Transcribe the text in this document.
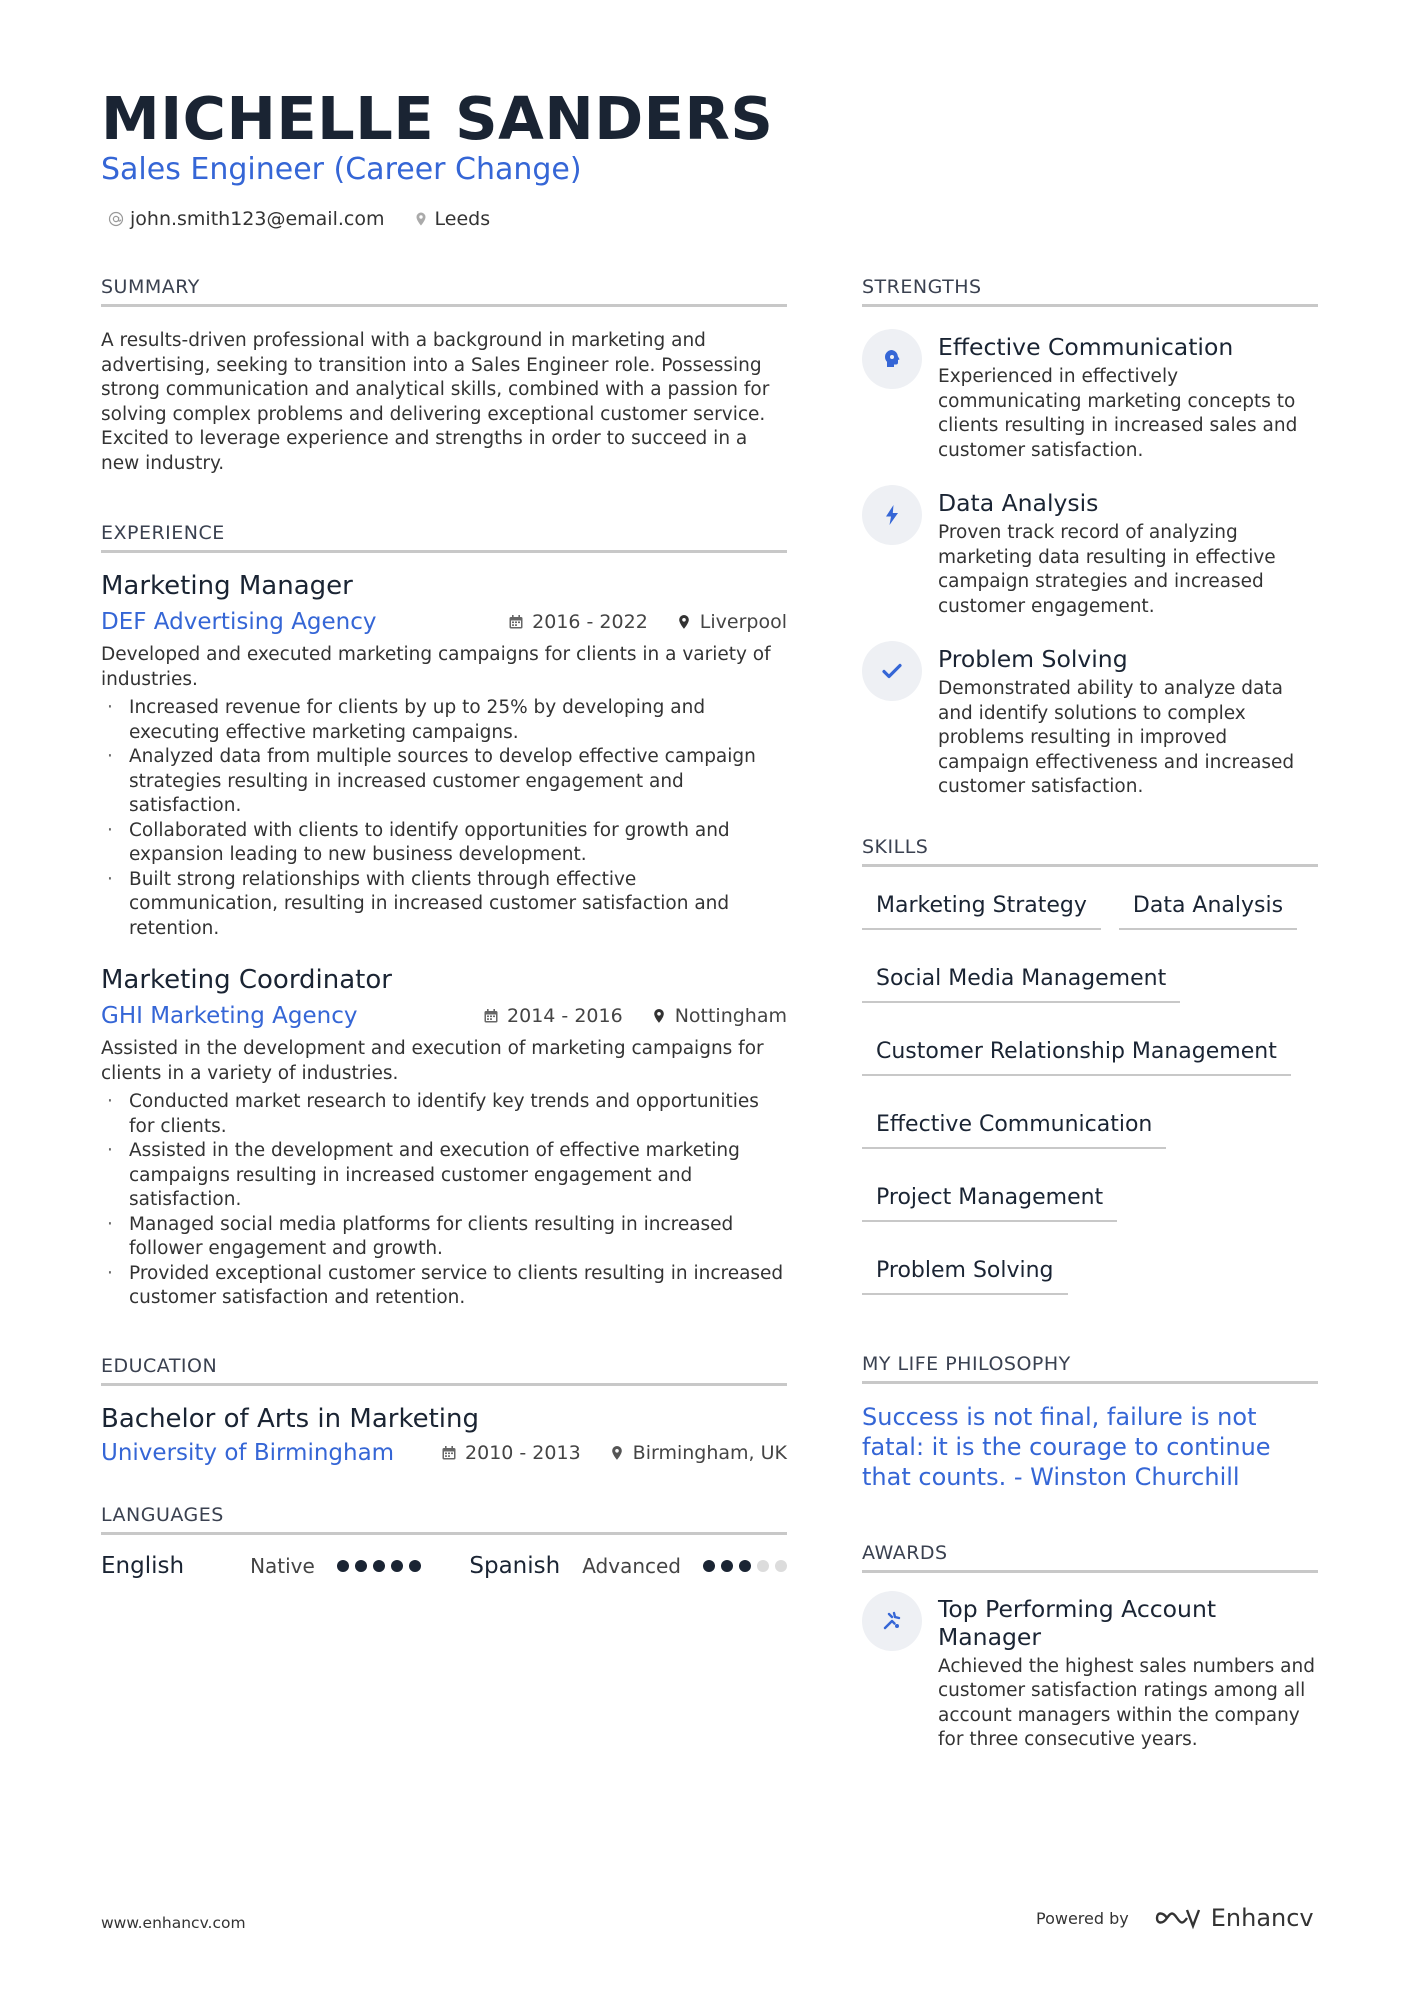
MICHELLE SANDERS
Sales Engineer (Career Change)
john.smith123@email.com	Leeds
SUMMARY
A results-driven professional with a background in marketing and advertising, seeking to transition into a Sales Engineer role. Possessing strong communication and analytical skills, combined with a passion for solving complex problems and delivering exceptional customer service. Excited to leverage experience and strengths in order to succeed in a new industry.
EXPERIENCE
Marketing Manager
DEF Advertising Agency	2016 - 2022	Liverpool
Developed and executed marketing campaigns for clients in a variety of industries.
· Increased revenue for clients by up to 25% by developing and executing effective marketing campaigns.
· Analyzed data from multiple sources to develop effective campaign strategies resulting in increased customer engagement and satisfaction.
· Collaborated with clients to identify opportunities for growth and expansion leading to new business development.
· Built strong relationships with clients through effective communication, resulting in increased customer satisfaction and retention.
Marketing Coordinator
GHI Marketing Agency	2014 - 2016	Nottingham
Assisted in the development and execution of marketing campaigns for clients in a variety of industries.
· Conducted market research to identify key trends and opportunities for clients.
· Assisted in the development and execution of effective marketing campaigns resulting in increased customer engagement and satisfaction.
· Managed social media platforms for clients resulting in increased follower engagement and growth.
· Provided exceptional customer service to clients resulting in increased customer satisfaction and retention.
EDUCATION
Bachelor of Arts in Marketing
University of Birmingham	2010 - 2013	Birmingham, UK
LANGUAGES
English	Native	Spanish Advanced
STRENGTHS
Effective Communication
Experienced in effectively communicating marketing concepts to clients resulting in increased sales and customer satisfaction.
Data Analysis
Proven track record of analyzing marketing data resulting in effective campaign strategies and increased customer engagement.
Problem Solving
Demonstrated ability to analyze data and identify solutions to complex problems resulting in improved campaign effectiveness and increased customer satisfaction.
SKILLS
Marketing Strategy	Data Analysis
Social Media Management
Customer Relationship Management
Effective Communication
Project Management
Problem Solving
MY LIFE PHILOSOPHY
Success is not final, failure is not fatal: it is the courage to continue that counts. - Winston Churchill
AWARDS
Top Performing Account Manager
Achieved the highest sales numbers and customer satisfaction ratings among all account managers within the company for three consecutive years.
www.enhancv.com	Powered by	Enhancv
